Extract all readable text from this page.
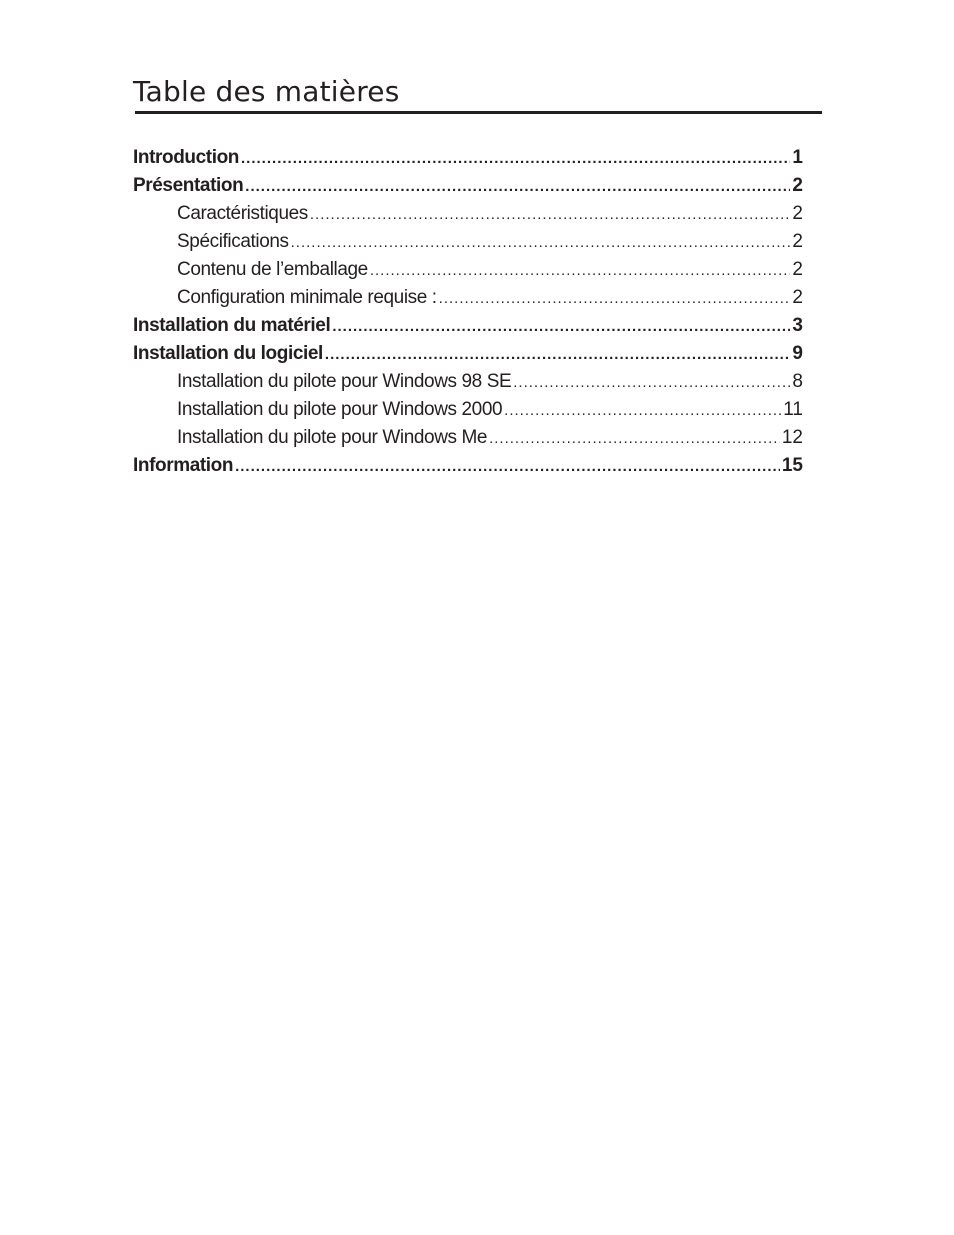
Table des matières
Introduction .....	1
Présentation .....	2
Caractéristiques .....	2
Spécifications .....	2
Contenu de l’emballage .....	2
Configuration minimale requise : .....	2
Installation du matériel .....	3
Installation du logiciel .....	9
Installation du pilote pour Windows 98 SE .....	8
Installation du pilote pour Windows 2000 .....	11
Installation du pilote pour Windows Me .....	12
Information .....	15
